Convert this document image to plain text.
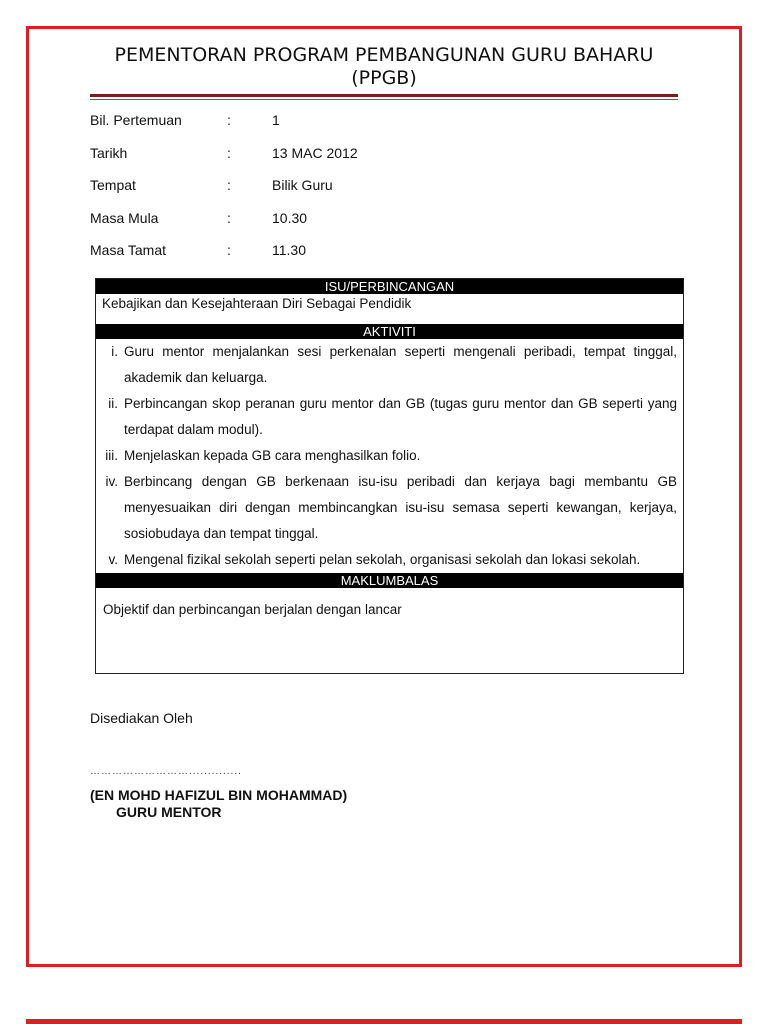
PEMENTORAN PROGRAM PEMBANGUNAN GURU BAHARU
(PPGB)
Bil. Pertemuan	:	1
Tarikh	:	13 MAC 2012
Tempat	:	Bilik Guru
Masa Mula	:	10.30
Masa Tamat	:	11.30
ISU/PERBINCANGAN
Kebajikan dan Kesejahteraan Diri Sebagai Pendidik
AKTIVITI
i. Guru mentor menjalankan sesi perkenalan seperti mengenali peribadi, tempat tinggal, akademik dan keluarga.
ii. Perbincangan skop peranan guru mentor dan GB (tugas guru mentor dan GB seperti yang terdapat dalam modul).
iii. Menjelaskan kepada GB cara menghasilkan folio.
iv. Berbincang dengan GB berkenaan isu-isu peribadi dan kerjaya bagi membantu GB menyesuaikan diri dengan membincangkan isu-isu semasa seperti kewangan, kerjaya, sosiobudaya dan tempat tinggal.
v. Mengenal fizikal sekolah seperti pelan sekolah, organisasi sekolah dan lokasi sekolah.
MAKLUMBALAS
Objektif dan perbincangan berjalan dengan lancar
Disediakan Oleh
………………………..............
(EN MOHD HAFIZUL BIN MOHAMMAD)
GURU MENTOR
